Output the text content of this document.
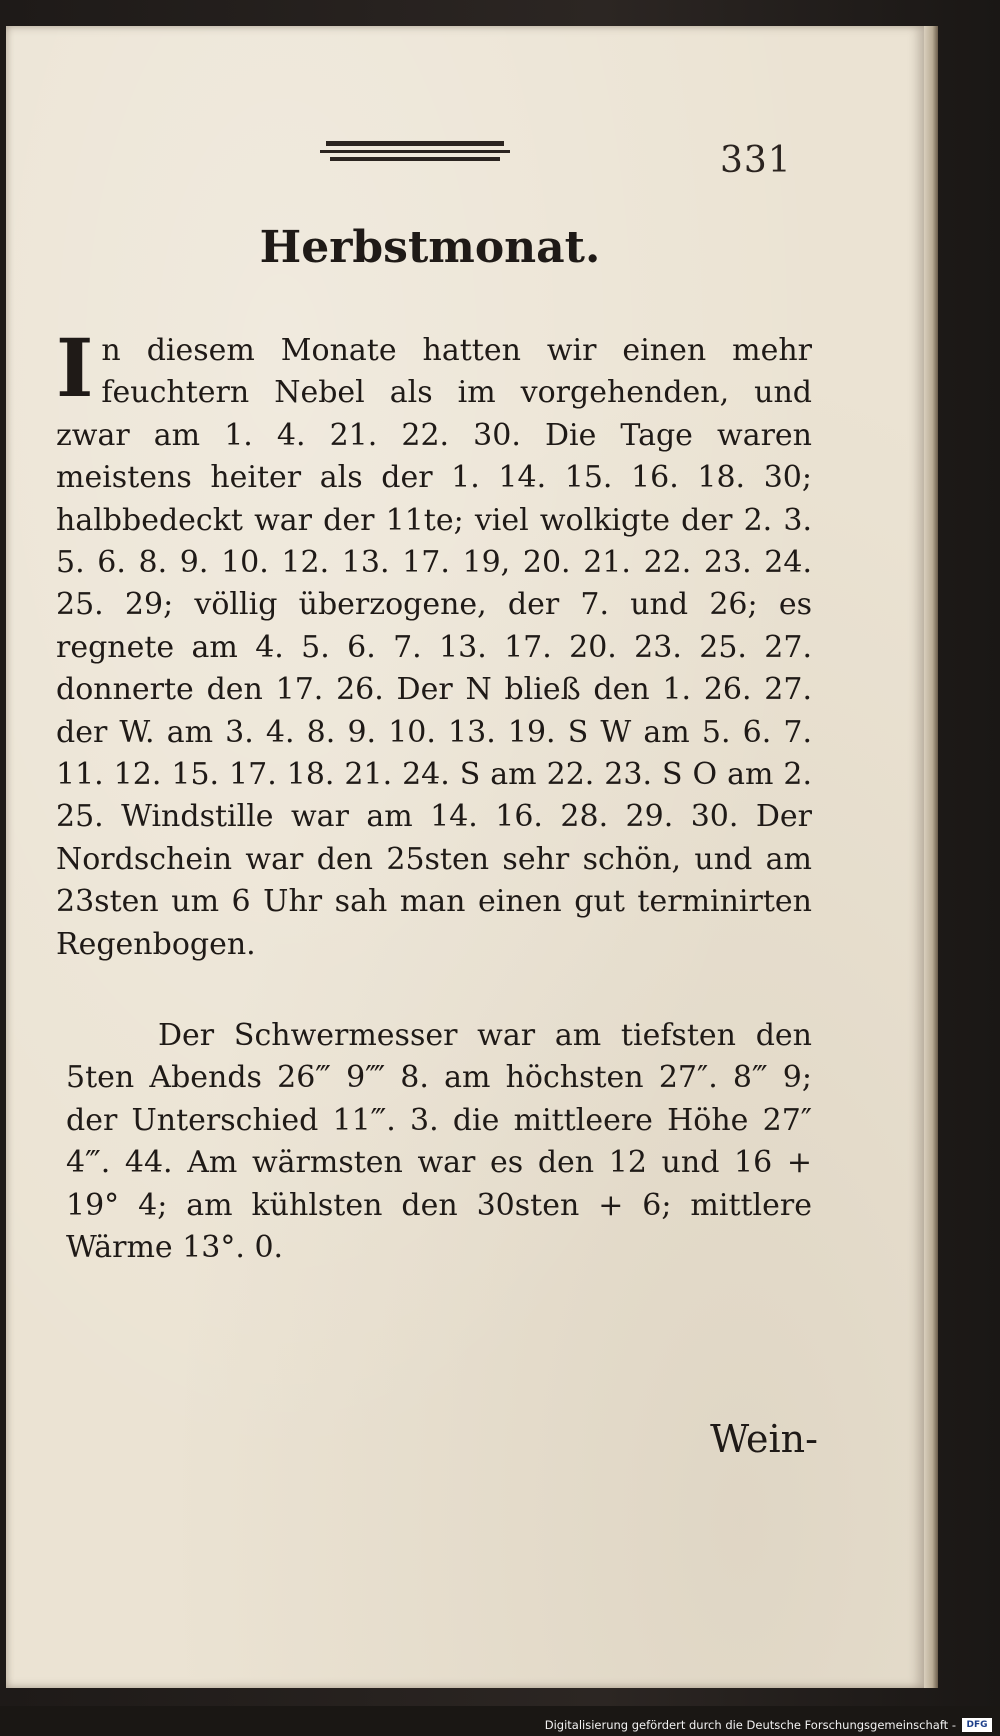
331
Herbstmonat.
In diesem Monate hatten wir einen mehr feuchtern Nebel als im vorgehenden, und zwar am 1. 4. 21. 22. 30. Die Tage waren meistens heiter als der 1. 14. 15. 16. 18. 30; halbbedeckt war der 11te; viel wolkigte der 2. 3. 5. 6. 8. 9. 10. 12. 13. 17. 19, 20. 21. 22. 23. 24. 25. 29; völlig überzogene, der 7. und 26; es regnete am 4. 5. 6. 7. 13. 17. 20. 23. 25. 27. donnerte den 17. 26. Der N bließ den 1. 26. 27. der W. am 3. 4. 8. 9. 10. 13. 19. S W am 5. 6. 7. 11. 12. 15. 17. 18. 21. 24. S am 22. 23. S O am 2. 25. Windstille war am 14. 16. 28. 29. 30. Der Nordschein war den 25sten sehr schön, und am 23sten um 6 Uhr sah man einen gut terminirten Regenbogen.
Der Schwermesser war am tiefsten den 5ten Abends 26‴ 9⁗ 8. am höchsten 27″. 8‴ 9; der Unterschied 11‴. 3. die mittleere Höhe 27″ 4‴. 44. Am wärmsten war es den 12 und 16 + 19° 4; am kühlsten den 30sten + 6; mittlere Wärme 13°. 0.
Wein-
Digitalisierung gefördert durch die Deutsche Forschungsgemeinschaft -	DFG
